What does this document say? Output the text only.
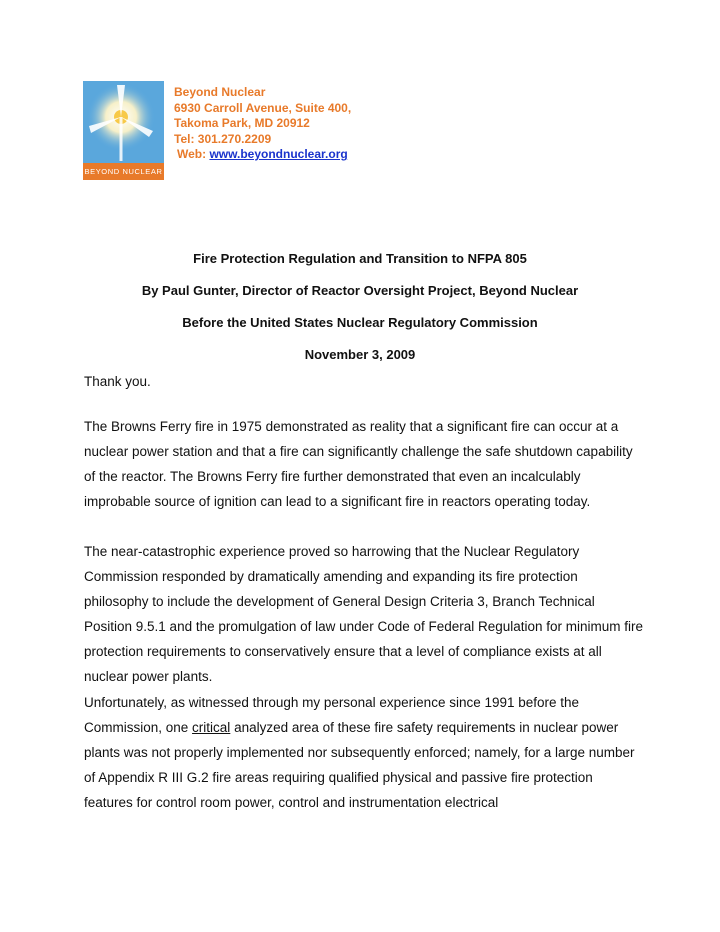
BEYOND NUCLEAR
Beyond Nuclear
6930 Carroll Avenue, Suite 400,
Takoma Park, MD 20912
Tel: 301.270.2209
Web: www.beyondnuclear.org
Fire Protection Regulation and Transition to NFPA 805
By Paul Gunter, Director of Reactor Oversight Project, Beyond Nuclear
Before the United States Nuclear Regulatory Commission
November 3, 2009

Thank you.

The Browns Ferry fire in 1975 demonstrated as reality that a significant fire can occur at a nuclear power station and that a fire can significantly challenge the safe shutdown capability of the reactor. The Browns Ferry fire further demonstrated that even an incalculably improbable source of ignition can lead to a significant fire in reactors operating today.

The near-catastrophic experience proved so harrowing that the Nuclear Regulatory Commission responded by dramatically amending and expanding its fire protection philosophy to include the development of General Design Criteria 3, Branch Technical Position 9.5.1 and the promulgation of law under Code of Federal Regulation for minimum fire protection requirements to conservatively ensure that a level of compliance exists at all nuclear power plants.

Unfortunately, as witnessed through my personal experience since 1991 before the Commission, one critical analyzed area of these fire safety requirements in nuclear power plants was not properly implemented nor subsequently enforced; namely, for a large number of Appendix R III G.2 fire areas requiring qualified physical and passive fire protection features for control room power, control and instrumentation electrical
